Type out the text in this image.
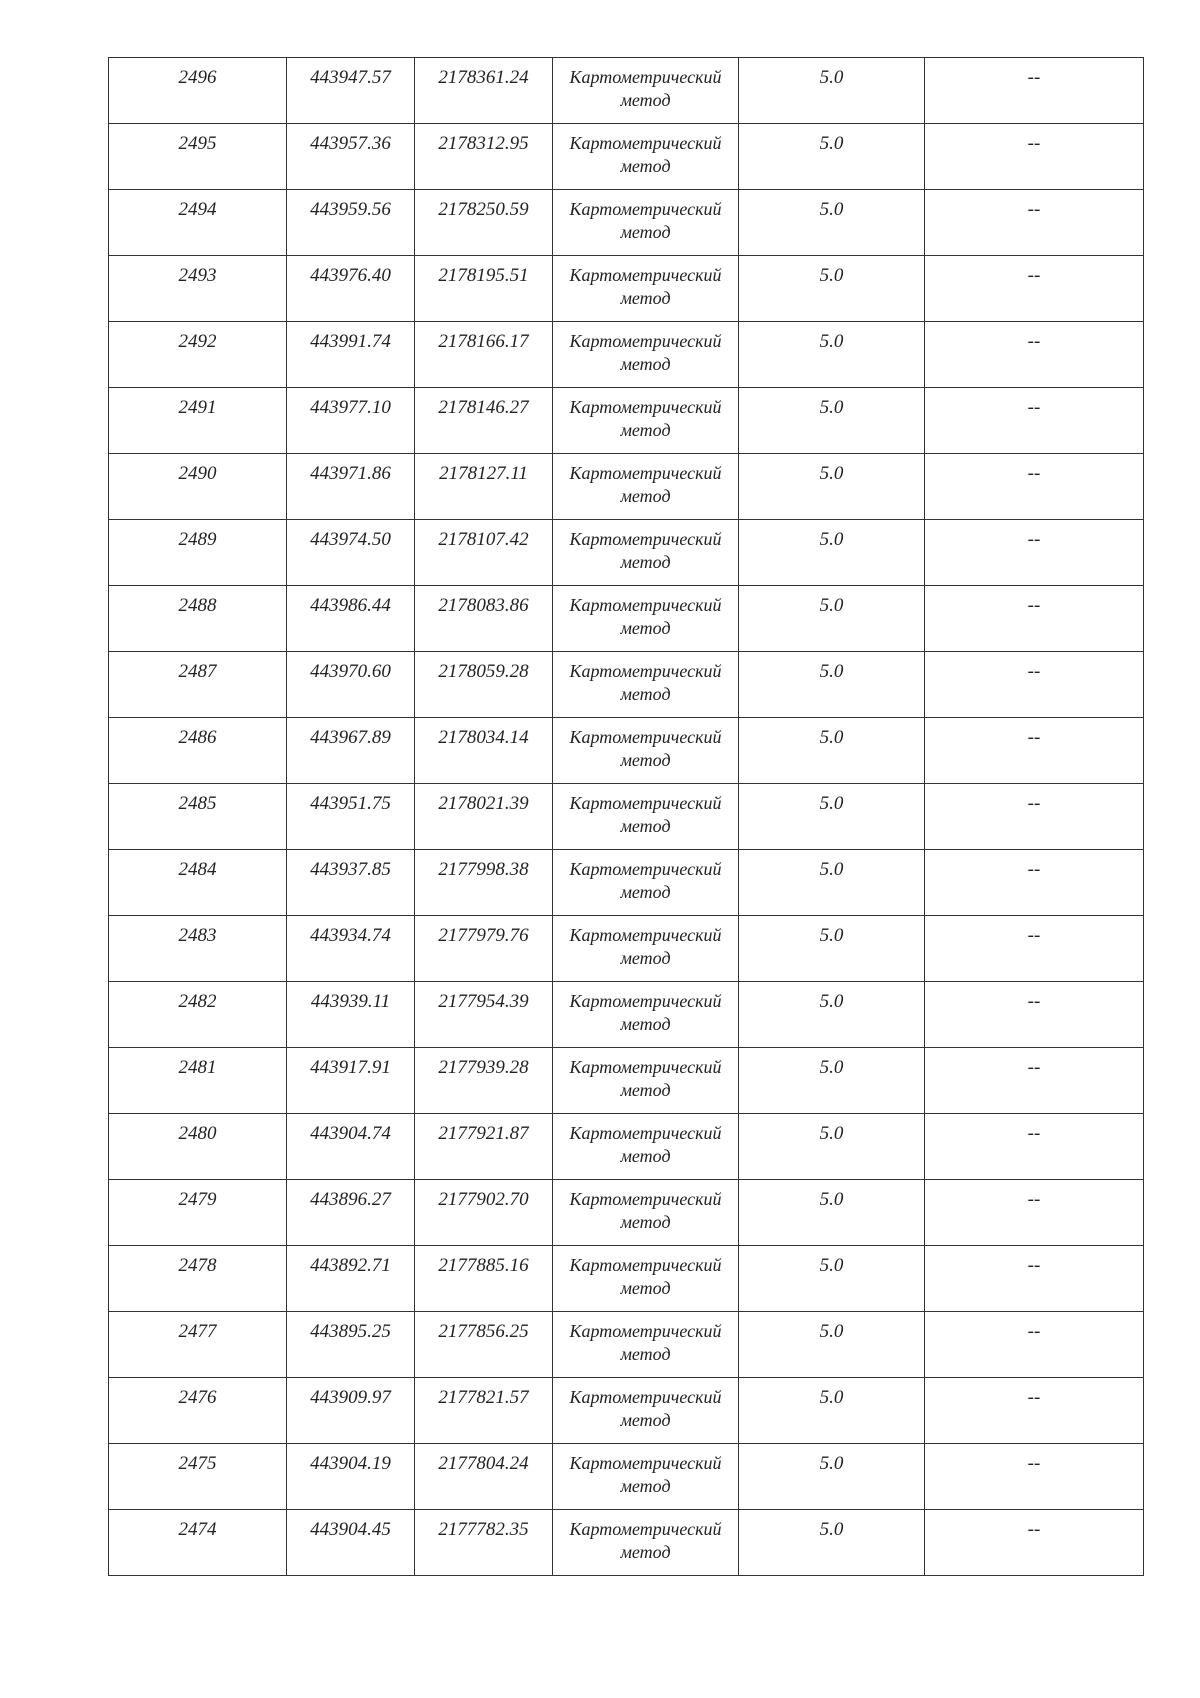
2496	443947.57	2178361.24	Картометрический
метод	5.0	--

2495	443957.36	2178312.95	Картометрический
метод	5.0	--

2494	443959.56	2178250.59	Картометрический
метод	5.0	--

2493	443976.40	2178195.51	Картометрический
метод	5.0	--

2492	443991.74	2178166.17	Картометрический
метод	5.0	--

2491	443977.10	2178146.27	Картометрический
метод	5.0	--

2490	443971.86	2178127.11	Картометрический
метод	5.0	--

2489	443974.50	2178107.42	Картометрический
метод	5.0	--

2488	443986.44	2178083.86	Картометрический
метод	5.0	--

2487	443970.60	2178059.28	Картометрический
метод	5.0	--

2486	443967.89	2178034.14	Картометрический
метод	5.0	--

2485	443951.75	2178021.39	Картометрический
метод	5.0	--

2484	443937.85	2177998.38	Картометрический
метод	5.0	--

2483	443934.74	2177979.76	Картометрический
метод	5.0	--

2482	443939.11	2177954.39	Картометрический
метод	5.0	--

2481	443917.91	2177939.28	Картометрический
метод	5.0	--

2480	443904.74	2177921.87	Картометрический
метод	5.0	--

2479	443896.27	2177902.70	Картометрический
метод	5.0	--

2478	443892.71	2177885.16	Картометрический
метод	5.0	--

2477	443895.25	2177856.25	Картометрический
метод	5.0	--

2476	443909.97	2177821.57	Картометрический
метод	5.0	--

2475	443904.19	2177804.24	Картометрический
метод	5.0	--

2474	443904.45	2177782.35	Картометрический
метод	5.0	--
